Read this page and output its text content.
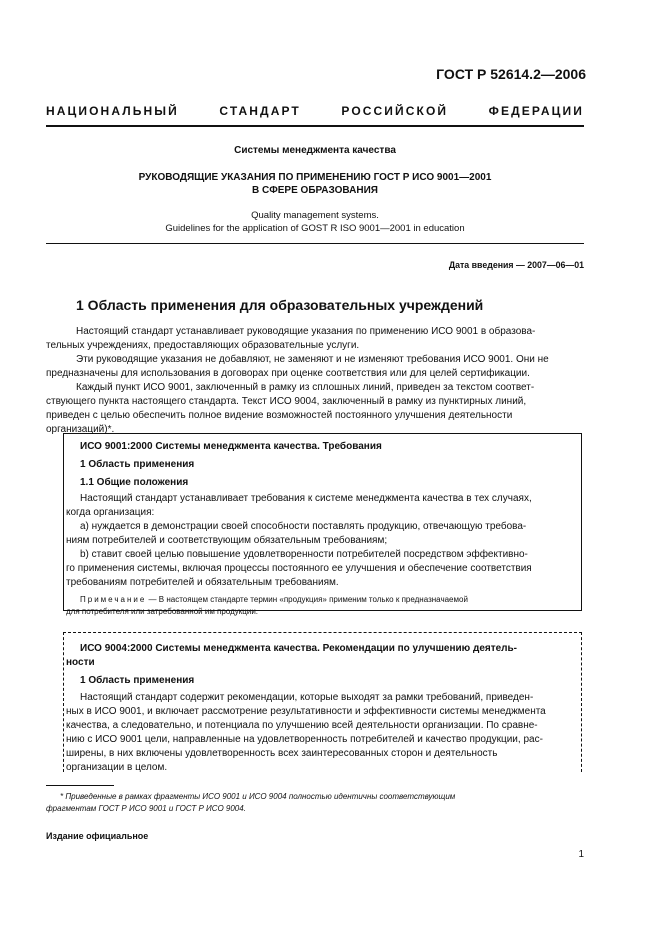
ГОСТ Р 52614.2—2006
НАЦИОНАЛЬНЫЙ	СТАНДАРТ	РОССИЙСКОЙ	ФЕДЕРАЦИИ
Системы менеджмента качества
РУКОВОДЯЩИЕ УКАЗАНИЯ ПО ПРИМЕНЕНИЮ ГОСТ Р ИСО 9001—2001
В СФЕРЕ ОБРАЗОВАНИЯ
Quality management systems.
Guidelines for the application of GOST R ISO 9001—2001 in education
Дата введения — 2007—06—01
1 Область применения для образовательных учреждений
Настоящий стандарт устанавливает руководящие указания по применению ИСО 9001 в образова-
тельных учреждениях, предоставляющих образовательные услуги.
Эти руководящие указания не добавляют, не заменяют и не изменяют требования ИСО 9001. Они не
предназначены для использования в договорах при оценке соответствия или для целей сертификации.
Каждый пункт ИСО 9001, заключенный в рамку из сплошных линий, приведен за текстом соответ-
ствующего пункта настоящего стандарта. Текст ИСО 9004, заключенный в рамку из пунктирных линий,
приведен с целью обеспечить полное видение возможностей постоянного улучшения деятельности
организаций)*.
ИСО 9001:2000 Системы менеджмента качества. Требования
1 Область применения
1.1 Общие положения
Настоящий стандарт устанавливает требования к системе менеджмента качества в тех случаях,
когда организация:
а) нуждается в демонстрации своей способности поставлять продукцию, отвечающую требова-
ниям потребителей и соответствующим обязательным требованиям;
b) ставит своей целью повышение удовлетворенности потребителей посредством эффективно-
го применения системы, включая процессы постоянного ее улучшения и обеспечение соответствия
требованиям потребителей и обязательным требованиям.
Примечание — В настоящем стандарте термин «продукция» применим только к предназначаемой
для потребителя или затребованной им продукции.
ИСО 9004:2000 Системы менеджмента качества. Рекомендации по улучшению деятель-
ности
1 Область применения
Настоящий стандарт содержит рекомендации, которые выходят за рамки требований, приведен-
ных в ИСО 9001, и включает рассмотрение результативности и эффективности системы менеджмента
качества, а следовательно, и потенциала по улучшению всей деятельности организации. По сравне-
нию с ИСО 9001 цели, направленные на удовлетворенность потребителей и качество продукции, рас-
ширены, в них включены удовлетворенность всех заинтересованных сторон и деятельность
организации в целом.
* Приведенные в рамках фрагменты ИСО 9001 и ИСО 9004 полностью идентичны соответствующим
фрагментам ГОСТ Р ИСО 9001 и ГОСТ Р ИСО 9004.
Издание официальное
1
